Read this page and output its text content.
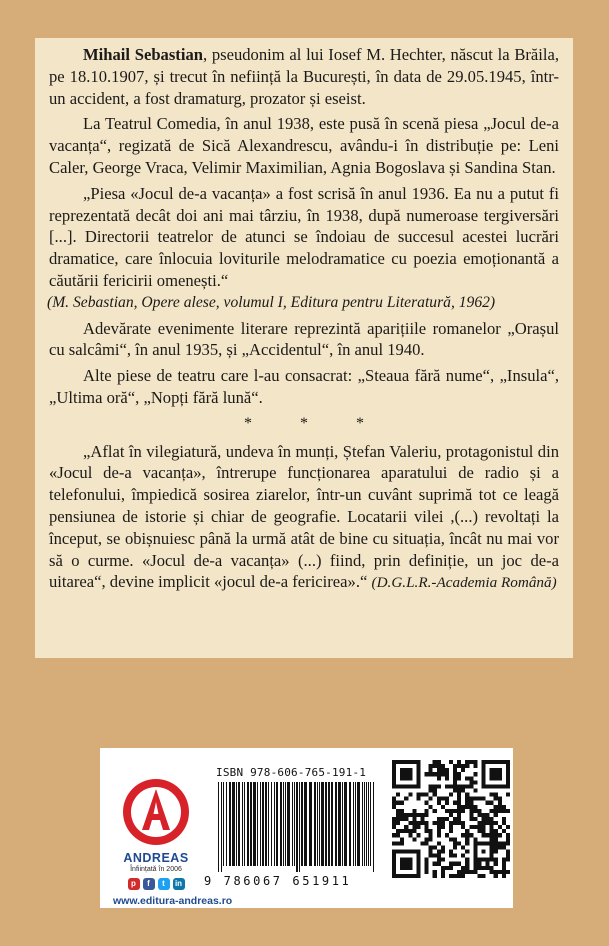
Mihail Sebastian, pseudonim al lui Iosef M. Hechter, născut la Brăila, pe 18.10.1907, și trecut în neființă la București, în data de 29.05.1945, într-un accident, a fost dramaturg, prozator și eseist.

La Teatrul Comedia, în anul 1938, este pusă în scenă piesa „Jocul de-a vacanța“, regizată de Sică Alexandrescu, avându-i în distribuție pe: Leni Caler, George Vraca, Velimir Maximilian, Agnia Bogoslava și Sandina Stan.

„Piesa «Jocul de-a vacanța» a fost scrisă în anul 1936. Ea nu a putut fi reprezentată decât doi ani mai târziu, în 1938, după numeroase tergiversări [...]. Directorii teatrelor de atunci se îndoiau de succesul acestei lucrări dramatice, care înlocuia loviturile melodramatice cu poezia emoționantă a căutării fericirii omenești.“

(M. Sebastian, Opere alese, volumul I, Editura pentru Literatură, 1962)

Adevărate evenimente literare reprezintă aparițiile romanelor „Orașul cu salcâmi“, în anul 1935, și „Accidentul“, în anul 1940.

Alte piese de teatru care l-au consacrat: „Steaua fără nume“, „Insula“, „Ultima oră“, „Nopți fără lună“.

* * *

„Aflat în vilegiatură, undeva în munți, Ștefan Valeriu, protagonistul din «Jocul de-a vacanța», întrerupe funcționarea aparatului de radio și a telefonului, împiedică sosirea ziarelor, într-un cuvânt suprimă tot ce leagă pensiunea de istorie și chiar de geografie. Locatarii vilei ,(...) revoltați la început, se obișnuiesc până la urmă atât de bine cu situația, încât nu mai vor să o curme. «Jocul de-a vacanța» (...) fiind, prin definiție, un joc de-a uitarea“, devine implicit «jocul de-a fericirea».“ (D.G.L.R.-Academia Română)

ANDREAS
Înființată în 2006
p	f	t	in
www.editura-andreas.ro
ISBN 978-606-765-191-1
9 786067 651911
